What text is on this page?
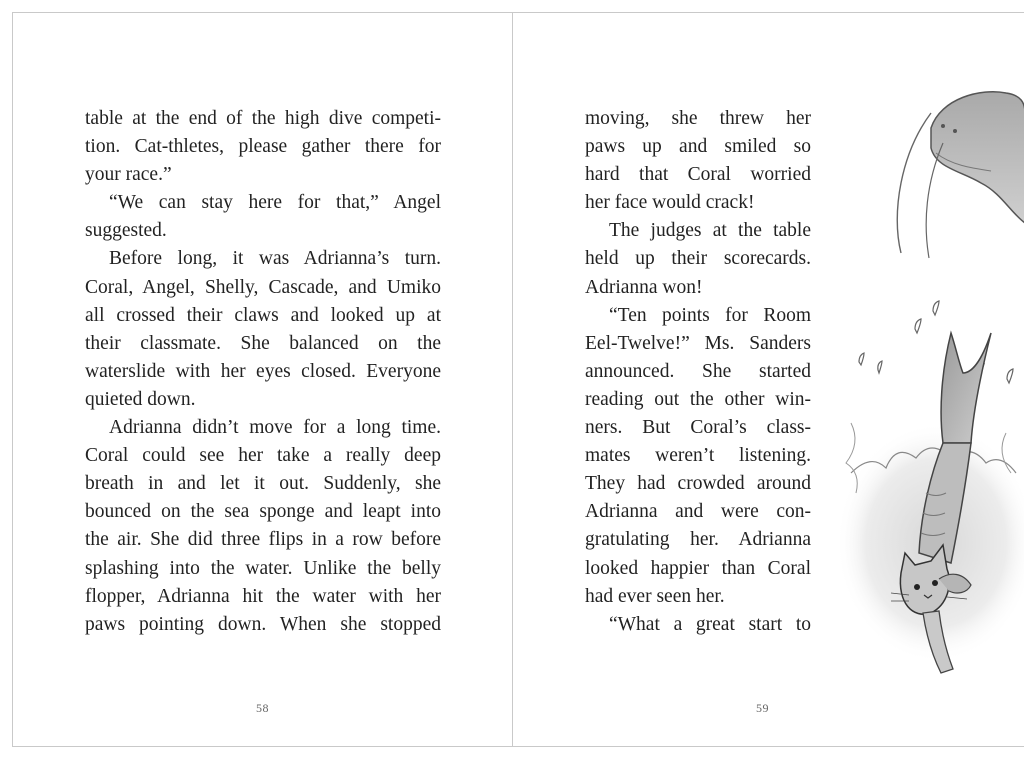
table at the end of the high dive competi-
tion. Cat-thletes, please gather there for
your race.”
“We can stay here for that,” Angel
suggested.
Before long, it was Adrianna’s turn.
Coral, Angel, Shelly, Cascade, and Umiko
all crossed their claws and looked up at
their classmate. She balanced on the
waterslide with her eyes closed. Everyone
quieted down.
Adrianna didn’t move for a long time.
Coral could see her take a really deep
breath in and let it out. Suddenly, she
bounced on the sea sponge and leapt into
the air. She did three flips in a row before
splashing into the water. Unlike the belly
flopper, Adrianna hit the water with her
paws pointing down. When she stopped
58
moving, she threw her
paws up and smiled so
hard that Coral worried
her face would crack!
The judges at the table
held up their scorecards.
Adrianna won!
“Ten points for Room
Eel-Twelve!” Ms. Sanders
announced. She started
reading out the other win-
ners. But Coral’s class-
mates weren’t listening.
They had crowded around
Adrianna and were con-
gratulating her. Adrianna
looked happier than Coral
had ever seen her.
“What a great start to
59
